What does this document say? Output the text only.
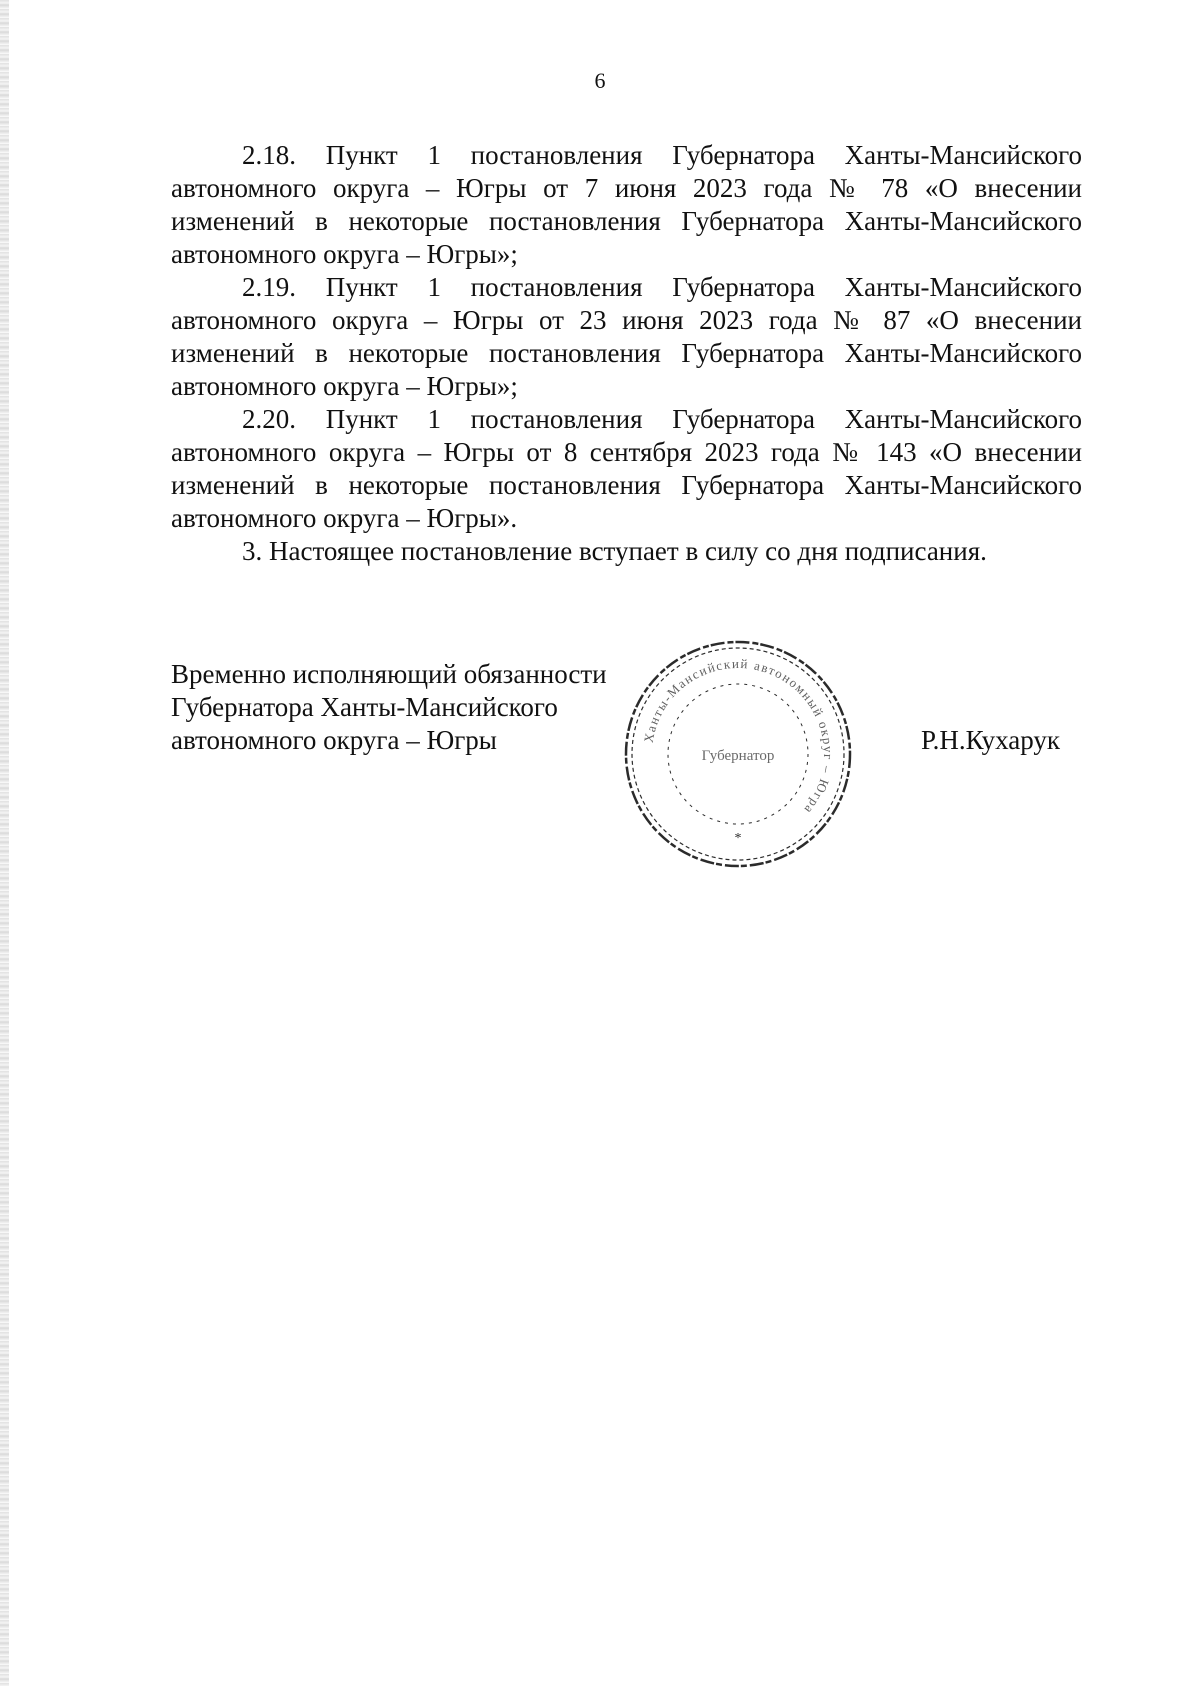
6

2.18. Пункт 1 постановления Губернатора Ханты-Мансийского автономного округа – Югры от 7 июня 2023 года № 78 «О внесении изменений в некоторые постановления Губернатора Ханты-Мансийского автономного округа – Югры»;

2.19. Пункт 1 постановления Губернатора Ханты-Мансийского автономного округа – Югры от 23 июня 2023 года № 87 «О внесении изменений в некоторые постановления Губернатора Ханты-Мансийского автономного округа – Югры»;

2.20. Пункт 1 постановления Губернатора Ханты-Мансийского автономного округа – Югры от 8 сентября 2023 года № 143 «О внесении изменений в некоторые постановления Губернатора Ханты-Мансийского автономного округа – Югры».

3. Настоящее постановление вступает в силу со дня подписания.

Временно исполняющий обязанности
Губернатора Ханты-Мансийского
автономного округа – Югры	Ханты-Мансийский автономный округ – Югра
Губернатор
*
Р.Н.Кухарук
